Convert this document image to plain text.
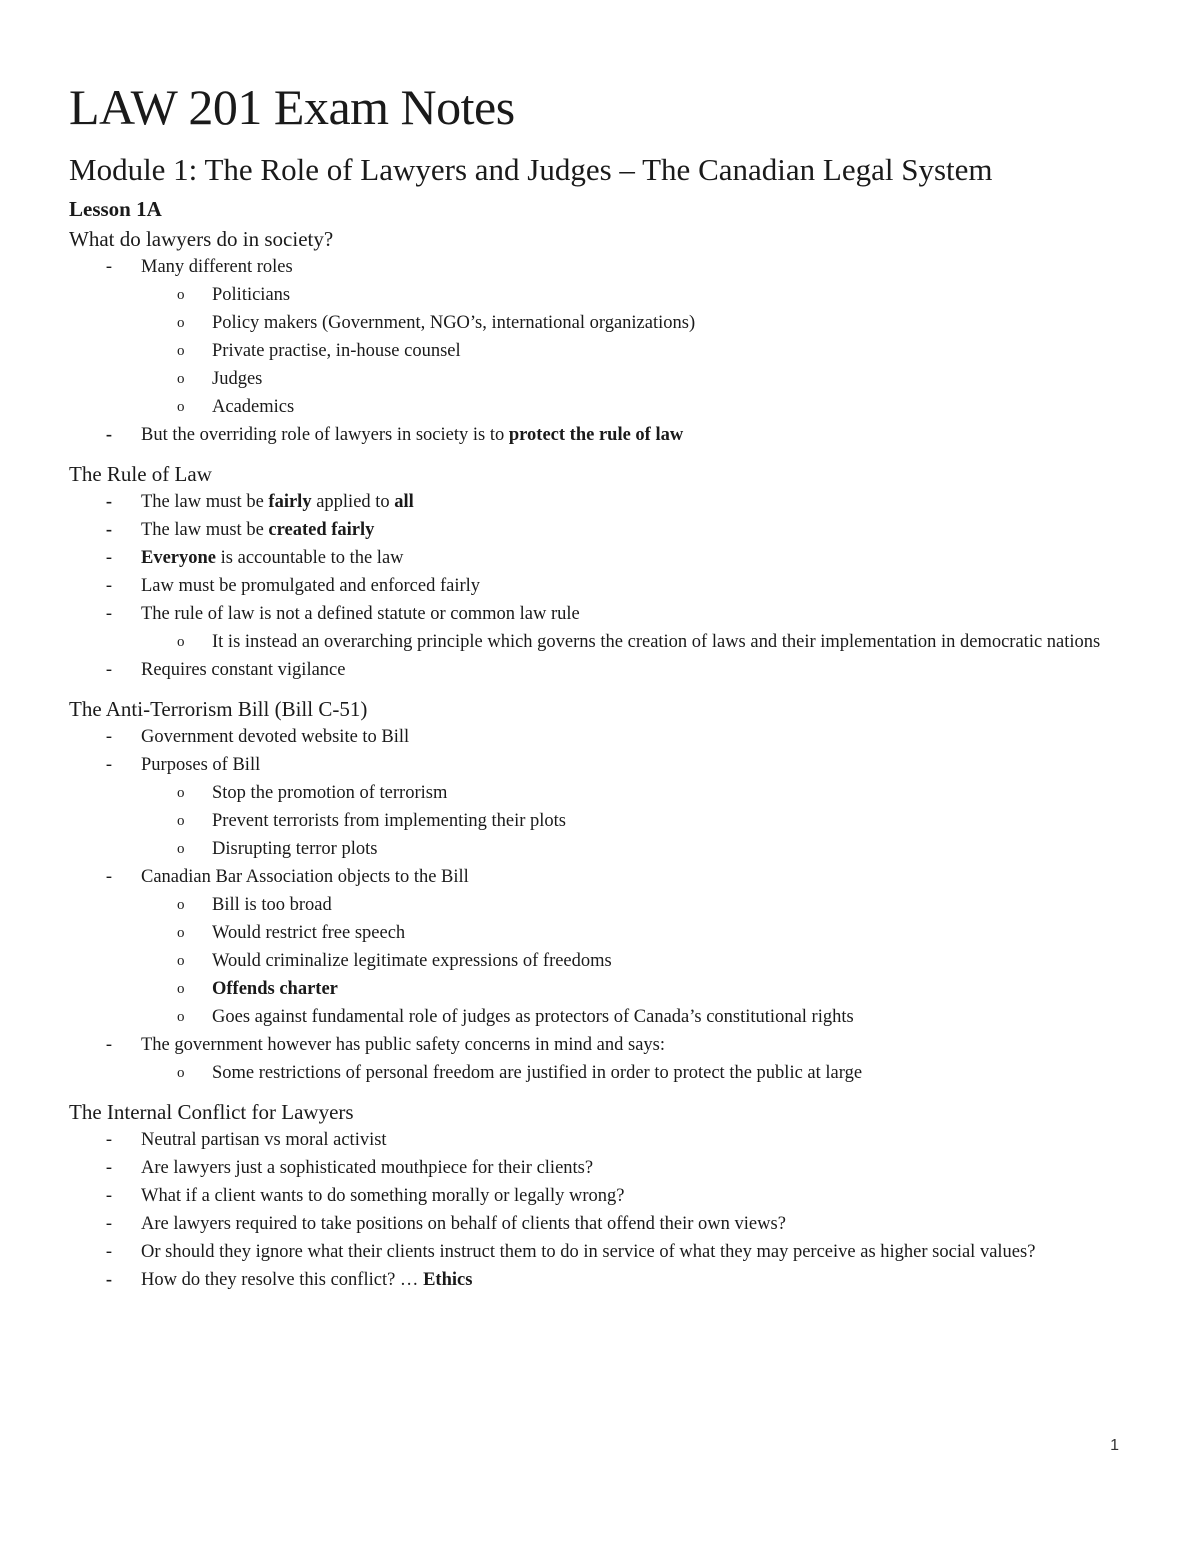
LAW 201 Exam Notes
Module 1: The Role of Lawyers and Judges – The Canadian Legal System
Lesson 1A
What do lawyers do in society?
- Many different roles
o Politicians
o Policy makers (Government, NGO’s, international organizations)
o Private practise, in-house counsel
o Judges
o Academics
- But the overriding role of lawyers in society is to protect the rule of law
The Rule of Law
- The law must be fairly applied to all
- The law must be created fairly
- Everyone is accountable to the law
- Law must be promulgated and enforced fairly
- The rule of law is not a defined statute or common law rule
o It is instead an overarching principle which governs the creation of laws and their implementation in democratic nations
- Requires constant vigilance
The Anti-Terrorism Bill (Bill C-51)
- Government devoted website to Bill
- Purposes of Bill
o Stop the promotion of terrorism
o Prevent terrorists from implementing their plots
o Disrupting terror plots
- Canadian Bar Association objects to the Bill
o Bill is too broad
o Would restrict free speech
o Would criminalize legitimate expressions of freedoms
o Offends charter
o Goes against fundamental role of judges as protectors of Canada’s constitutional rights
- The government however has public safety concerns in mind and says:
o Some restrictions of personal freedom are justified in order to protect the public at large
The Internal Conflict for Lawyers
- Neutral partisan vs moral activist
- Are lawyers just a sophisticated mouthpiece for their clients?
- What if a client wants to do something morally or legally wrong?
- Are lawyers required to take positions on behalf of clients that offend their own views?
- Or should they ignore what their clients instruct them to do in service of what they may perceive as higher social values?
- How do they resolve this conflict? … Ethics
1
